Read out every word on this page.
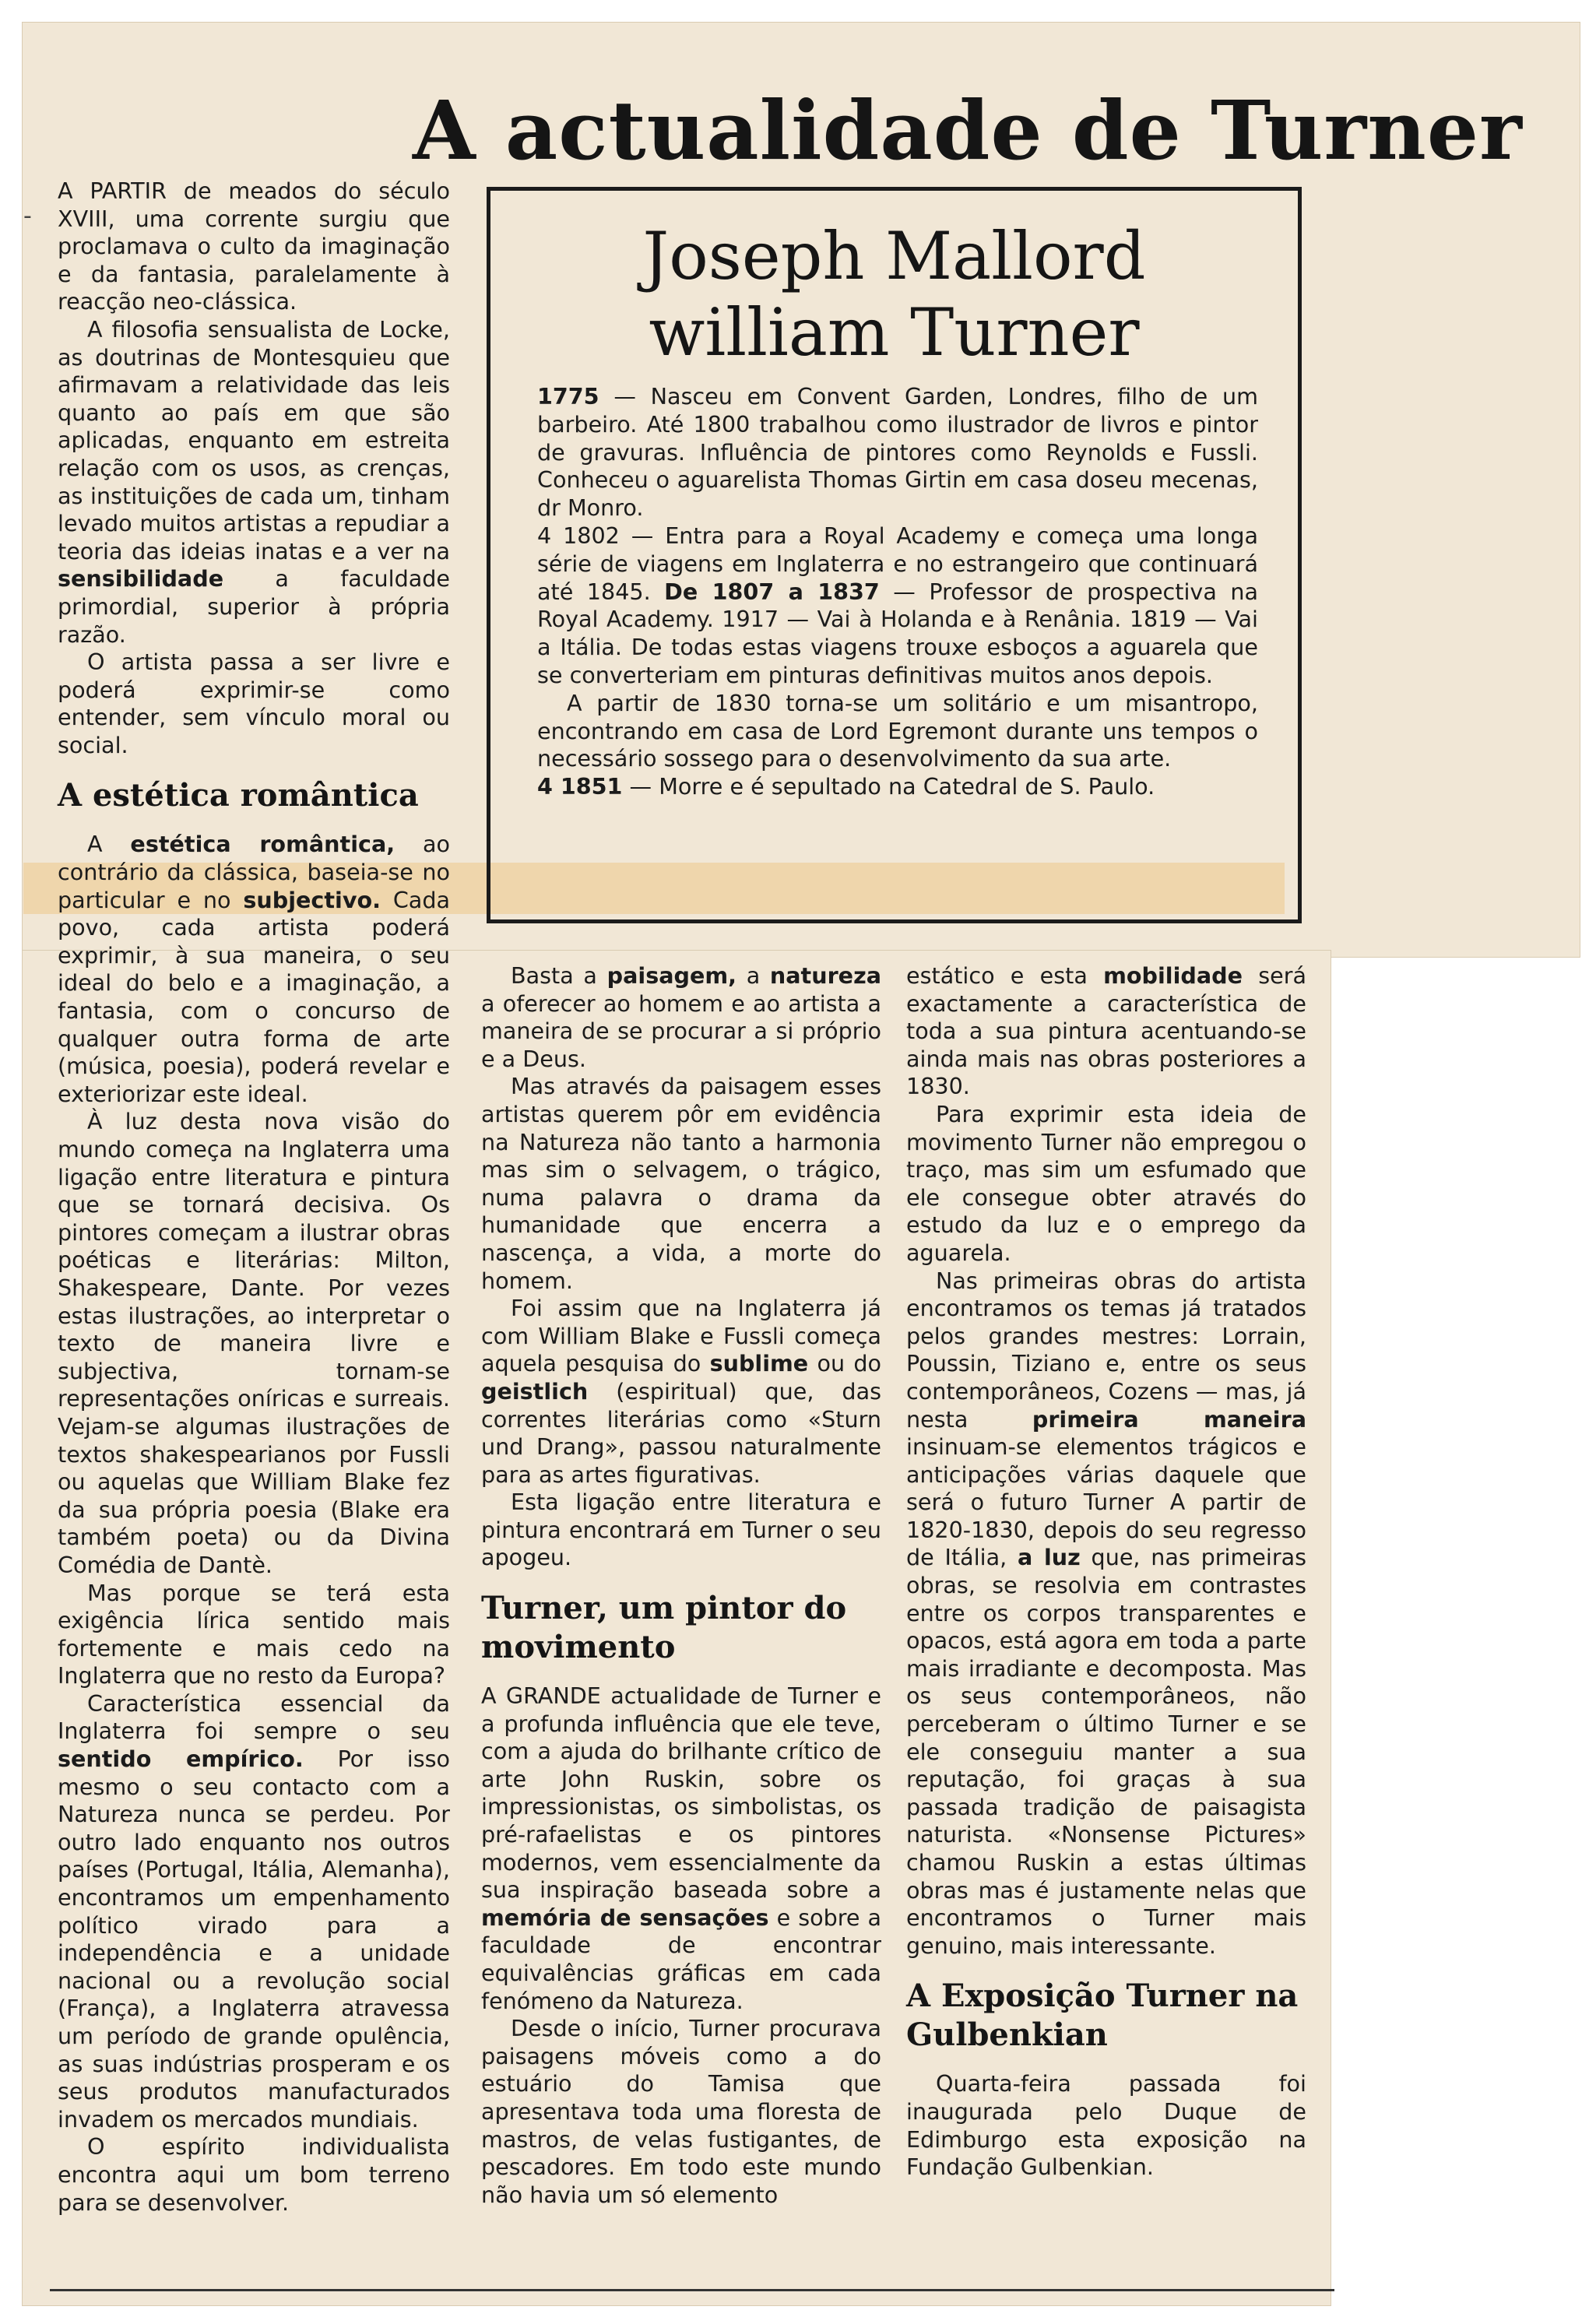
-
A actualidade de Turner

A PARTIR de meados do século XVIII, uma corrente surgiu que proclamava o culto da imaginação e da fantasia, paralelamente à reacção neo-clássica.

A filosofia sensualista de Locke, as doutrinas de Montesquieu que afirmavam a relatividade das leis quanto ao país em que são aplicadas, enquanto em estreita relação com os usos, as crenças, as instituições de cada um, tinham levado muitos artistas a repudiar a teoria das ideias inatas e a ver na sensibilidade a faculdade primordial, superior à própria razão.

O artista passa a ser livre e poderá exprimir-se como entender, sem vínculo moral ou social.

A estética romântica

A estética romântica, ao contrário da clássica, baseia-se no particular e no subjectivo. Cada povo, cada artista poderá exprimir, à sua maneira, o seu ideal do belo e a imaginação, a fantasia, com o concurso de qualquer outra forma de arte (música, poesia), poderá revelar e exteriorizar este ideal.

À luz desta nova visão do mundo começa na Inglaterra uma ligação entre literatura e pintura que se tornará decisiva. Os pintores começam a ilustrar obras poéticas e literárias: Milton, Shakespeare, Dante. Por vezes estas ilustrações, ao interpretar o texto de maneira livre e subjectiva, tornam-se representações oníricas e surreais. Vejam-se algumas ilustrações de textos shakespearianos por Fussli ou aquelas que William Blake fez da sua própria poesia (Blake era também poeta) ou da Divina Comédia de Dantè.

Mas porque se terá esta exigência lírica sentido mais fortemente e mais cedo na Inglaterra que no resto da Europa?

Característica essencial da Inglaterra foi sempre o seu sentido empírico. Por isso mesmo o seu contacto com a Natureza nunca se perdeu. Por outro lado enquanto nos outros países (Portugal, Itália, Alemanha), encontramos um empenhamento político virado para a independência e a unidade nacional ou a revolução social (França), a Inglaterra atravessa um período de grande opulência, as suas indústrias prosperam e os seus produtos manufacturados invadem os mercados mundiais.

O espírito individualista encontra aqui um bom terreno para se desenvolver.

Joseph Mallord
william Turner

1775 — Nasceu em Convent Garden, Londres, filho de um barbeiro. Até 1800 trabalhou como ilustrador de livros e pintor de gravuras. Influência de pintores como Reynolds e Fussli. Conheceu o aguarelista Thomas Girtin em casa doseu mecenas, dr Monro.

4 1802 — Entra para a Royal Academy e começa uma longa série de viagens em Inglaterra e no estrangeiro que continuará até 1845. De 1807 a 1837 — Professor de prospectiva na Royal Academy. 1917 — Vai à Holanda e à Renânia. 1819 — Vai a Itália. De todas estas viagens trouxe esboços a aguarela que se converteriam em pinturas definitivas muitos anos depois.

A partir de 1830 torna-se um solitário e um misantropo, encontrando em casa de Lord Egremont durante uns tempos o necessário sossego para o desenvolvimento da sua arte.

4 1851 — Morre e é sepultado na Catedral de S. Paulo.

Basta a paisagem, a natureza a oferecer ao homem e ao artista a maneira de se procurar a si próprio e a Deus.

Mas através da paisagem esses artistas querem pôr em evidência na Natureza não tanto a harmonia mas sim o selvagem, o trágico, numa palavra o drama da humanidade que encerra a nascença, a vida, a morte do homem.

Foi assim que na Inglaterra já com William Blake e Fussli começa aquela pesquisa do sublime ou do geistlich (espiritual) que, das correntes literárias como «Sturn und Drang», passou naturalmente para as artes figurativas.

Esta ligação entre literatura e pintura encontrará em Turner o seu apogeu.

Turner, um pintor do movimento

A GRANDE actualidade de Turner e a profunda influência que ele teve, com a ajuda do brilhante crítico de arte John Ruskin, sobre os impressionistas, os simbolistas, os pré-rafaelistas e os pintores modernos, vem essencialmente da sua inspiração baseada sobre a memória de sensações e sobre a faculdade de encontrar equivalências gráficas em cada fenómeno da Natureza.

Desde o início, Turner procurava paisagens móveis como a do estuário do Tamisa que apresentava toda uma floresta de mastros, de velas fustigantes, de pescadores. Em todo este mundo não havia um só elemento

estático e esta mobilidade será exactamente a característica de toda a sua pintura acentuando-se ainda mais nas obras posteriores a 1830.

Para exprimir esta ideia de movimento Turner não empregou o traço, mas sim um esfumado que ele consegue obter através do estudo da luz e o emprego da aguarela.

Nas primeiras obras do artista encontramos os temas já tratados pelos grandes mestres: Lorrain, Poussin, Tiziano e, entre os seus contemporâneos, Cozens — mas, já nesta	primeira maneira insinuam-se elementos trágicos e anticipações várias daquele que será o futuro Turner A partir de 1820-1830, depois do seu regresso de Itália, a luz que, nas primeiras obras, se resolvia em contrastes entre os corpos transparentes e opacos, está agora em toda a parte mais irradiante e decomposta. Mas os seus contemporâneos, não perceberam o último Turner e se ele conseguiu manter a sua reputação, foi graças à sua passada tradição de paisagista naturista. «Nonsense Pictures» chamou Ruskin a estas últimas obras mas é justamente nelas que encontramos o Turner mais genuino, mais interessante.

A Exposição Turner na Gulbenkian

Quarta-feira passada foi inaugurada pelo Duque de Edimburgo esta exposição na Fundação Gulbenkian.
